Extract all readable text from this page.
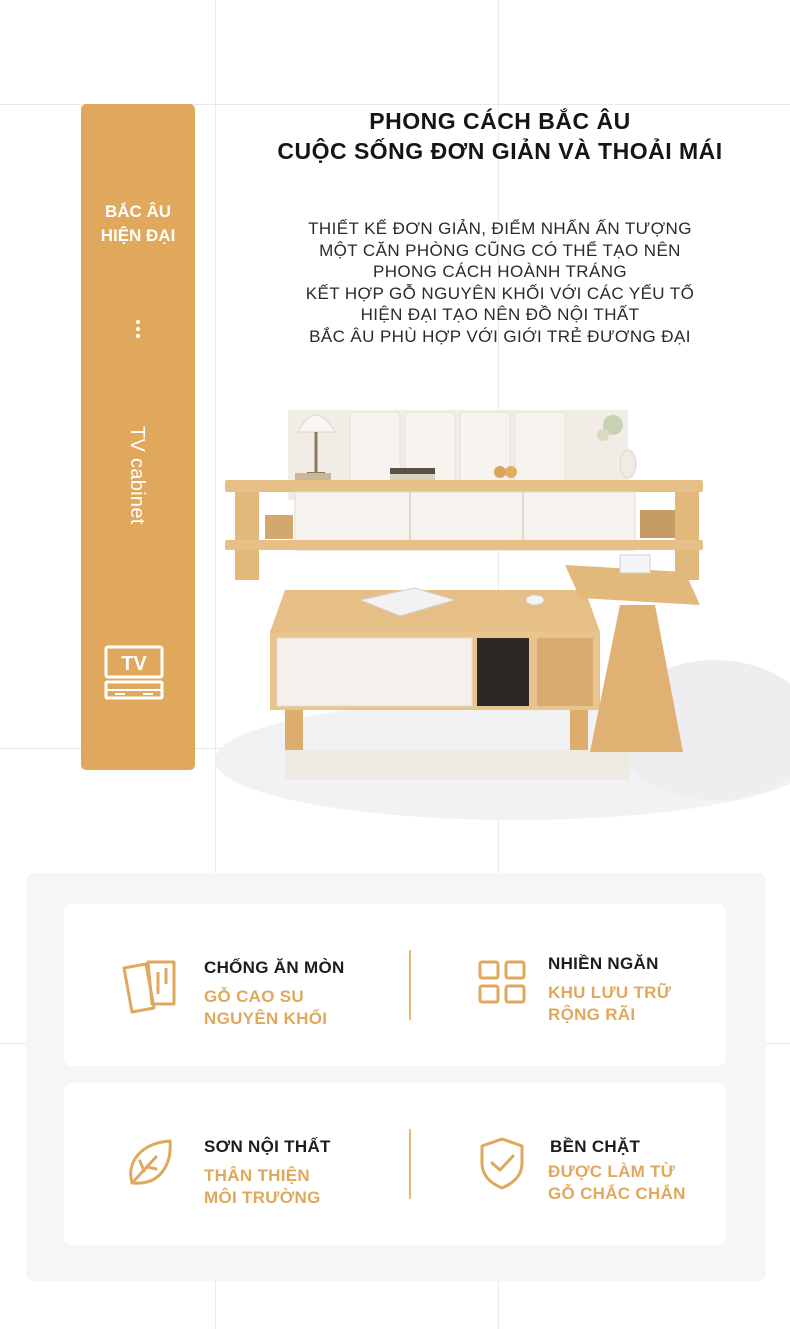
BẮC ÂU
HIỆN ĐẠI
TV cabinet
TV
PHONG CÁCH BẮC ÂU
CUỘC SỐNG ĐƠN GIẢN VÀ THOẢI MÁI
THIẾT KẾ ĐƠN GIẢN, ĐIỂM NHẤN ẤN TƯỢNG
MỘT CĂN PHÒNG CŨNG CÓ THỂ TẠO NÊN
PHONG CÁCH HOÀNH TRÁNG
KẾT HỢP GỖ NGUYÊN KHỐI VỚI CÁC YẾU TỐ
HIỆN ĐẠI TẠO NÊN ĐỒ NỘI THẤT
BẮC ÂU PHÙ HỢP VỚI GIỚI TRẺ ĐƯƠNG ĐẠI
CHỐNG ĂN MÒN
GỖ CAO SU
NGUYÊN KHỐI
NHIỀN NGĂN
KHU LƯU TRỮ
RỘNG RÃI
SƠN NỘI THẤT
THÂN THIỆN
MÔI TRƯỜNG
BỀN CHẶT
ĐƯỢC LÀM TỪ
GỖ CHẮC CHẮN
